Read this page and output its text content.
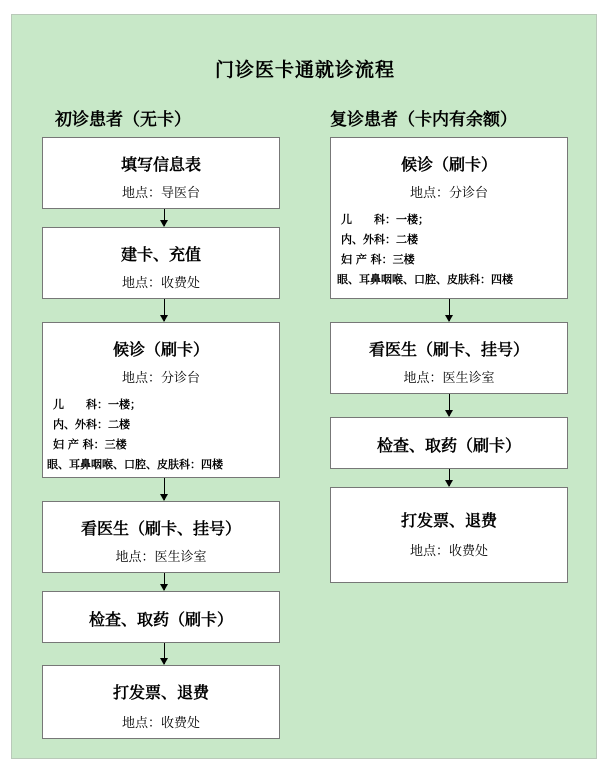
门诊医卡通就诊流程
初诊患者（无卡）
填写信息表
地点：导医台
建卡、充值
地点：收费处
候诊（刷卡）
地点：分诊台
儿　　科：一楼；
内、外科：二楼
妇 产 科：三楼
眼、耳鼻咽喉、口腔、皮肤科：四楼
看医生（刷卡、挂号）
地点：医生诊室
检查、取药（刷卡）
打发票、退费
地点：收费处
复诊患者（卡内有余额）
候诊（刷卡）
地点：分诊台
儿　　科：一楼；
内、外科：二楼
妇 产 科：三楼
眼、耳鼻咽喉、口腔、皮肤科：四楼
看医生（刷卡、挂号）
地点：医生诊室
检查、取药（刷卡）
打发票、退费
地点：收费处
